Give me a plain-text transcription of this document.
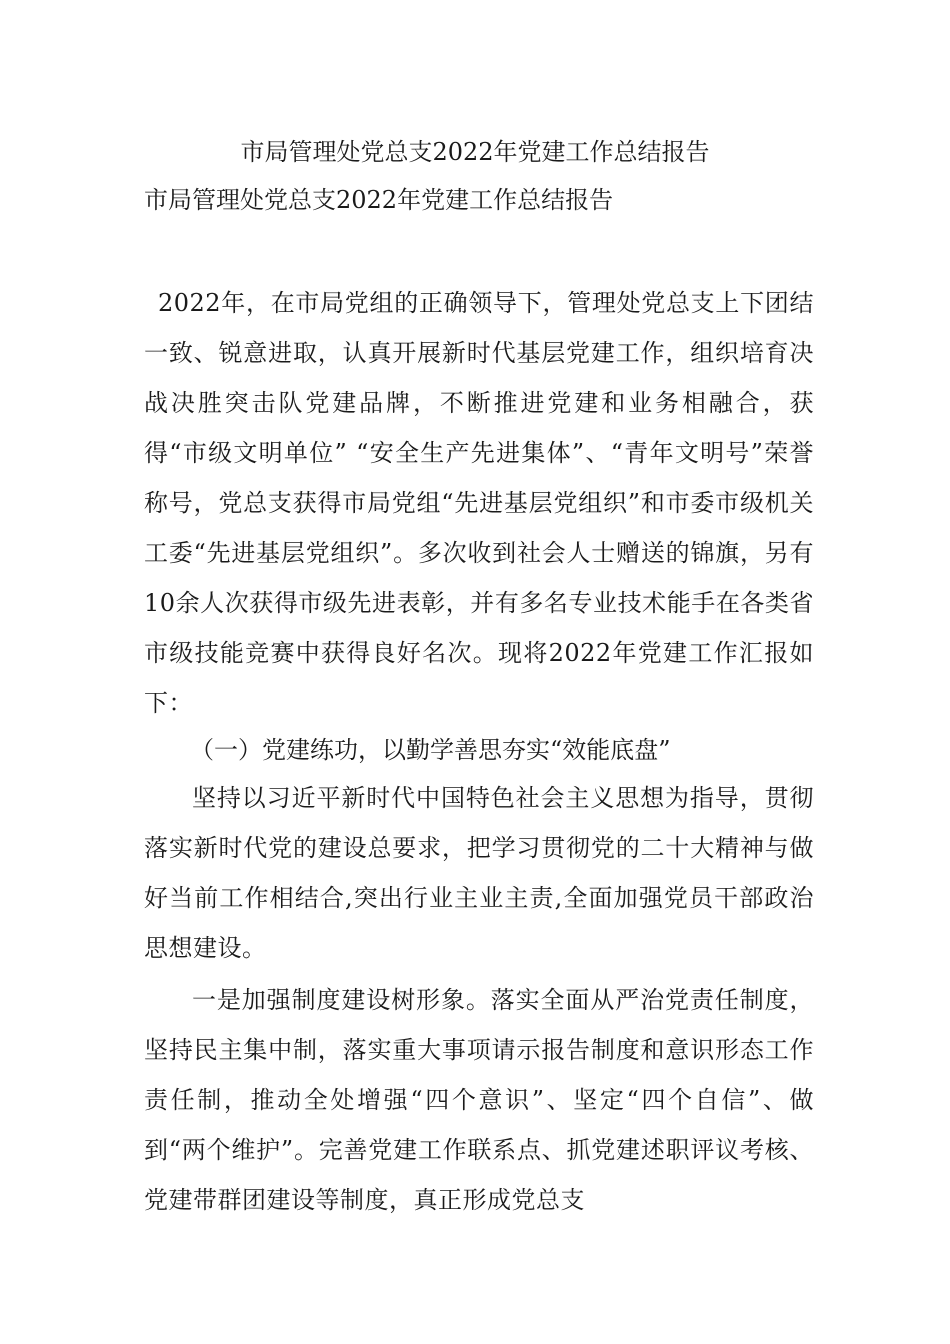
市局管理处党总支2022年党建工作总结报告
市局管理处党总支2022年党建工作总结报告

2022年，在市局党组的正确领导下，管理处党总支上下团结一致、锐意进取，认真开展新时代基层党建工作，组织培育决战决胜突击队党建品牌，不断推进党建和业务相融合，获得“市级文明单位” “安全生产先进集体”、“青年文明号”荣誉称号，党总支获得市局党组“先进基层党组织”和市委市级机关工委“先进基层党组织”。多次收到社会人士赠送的锦旗，另有10余人次获得市级先进表彰，并有多名专业技术能手在各类省市级技能竞赛中获得良好名次。现将2022年党建工作汇报如下：

（一）党建练功，以勤学善思夯实“效能底盘”

坚持以习近平新时代中国特色社会主义思想为指导，贯彻落实新时代党的建设总要求，把学习贯彻党的二十大精神与做好当前工作相结合,突出行业主业主责,全面加强党员干部政治思想建设。

一是加强制度建设树形象。落实全面从严治党责任制度，坚持民主集中制，落实重大事项请示报告制度和意识形态工作责任制，推动全处增强“四个意识”、坚定“四个自信”、做到“两个维护”。完善党建工作联系点、抓党建述职评议考核、党建带群团建设等制度，真正形成党总支
